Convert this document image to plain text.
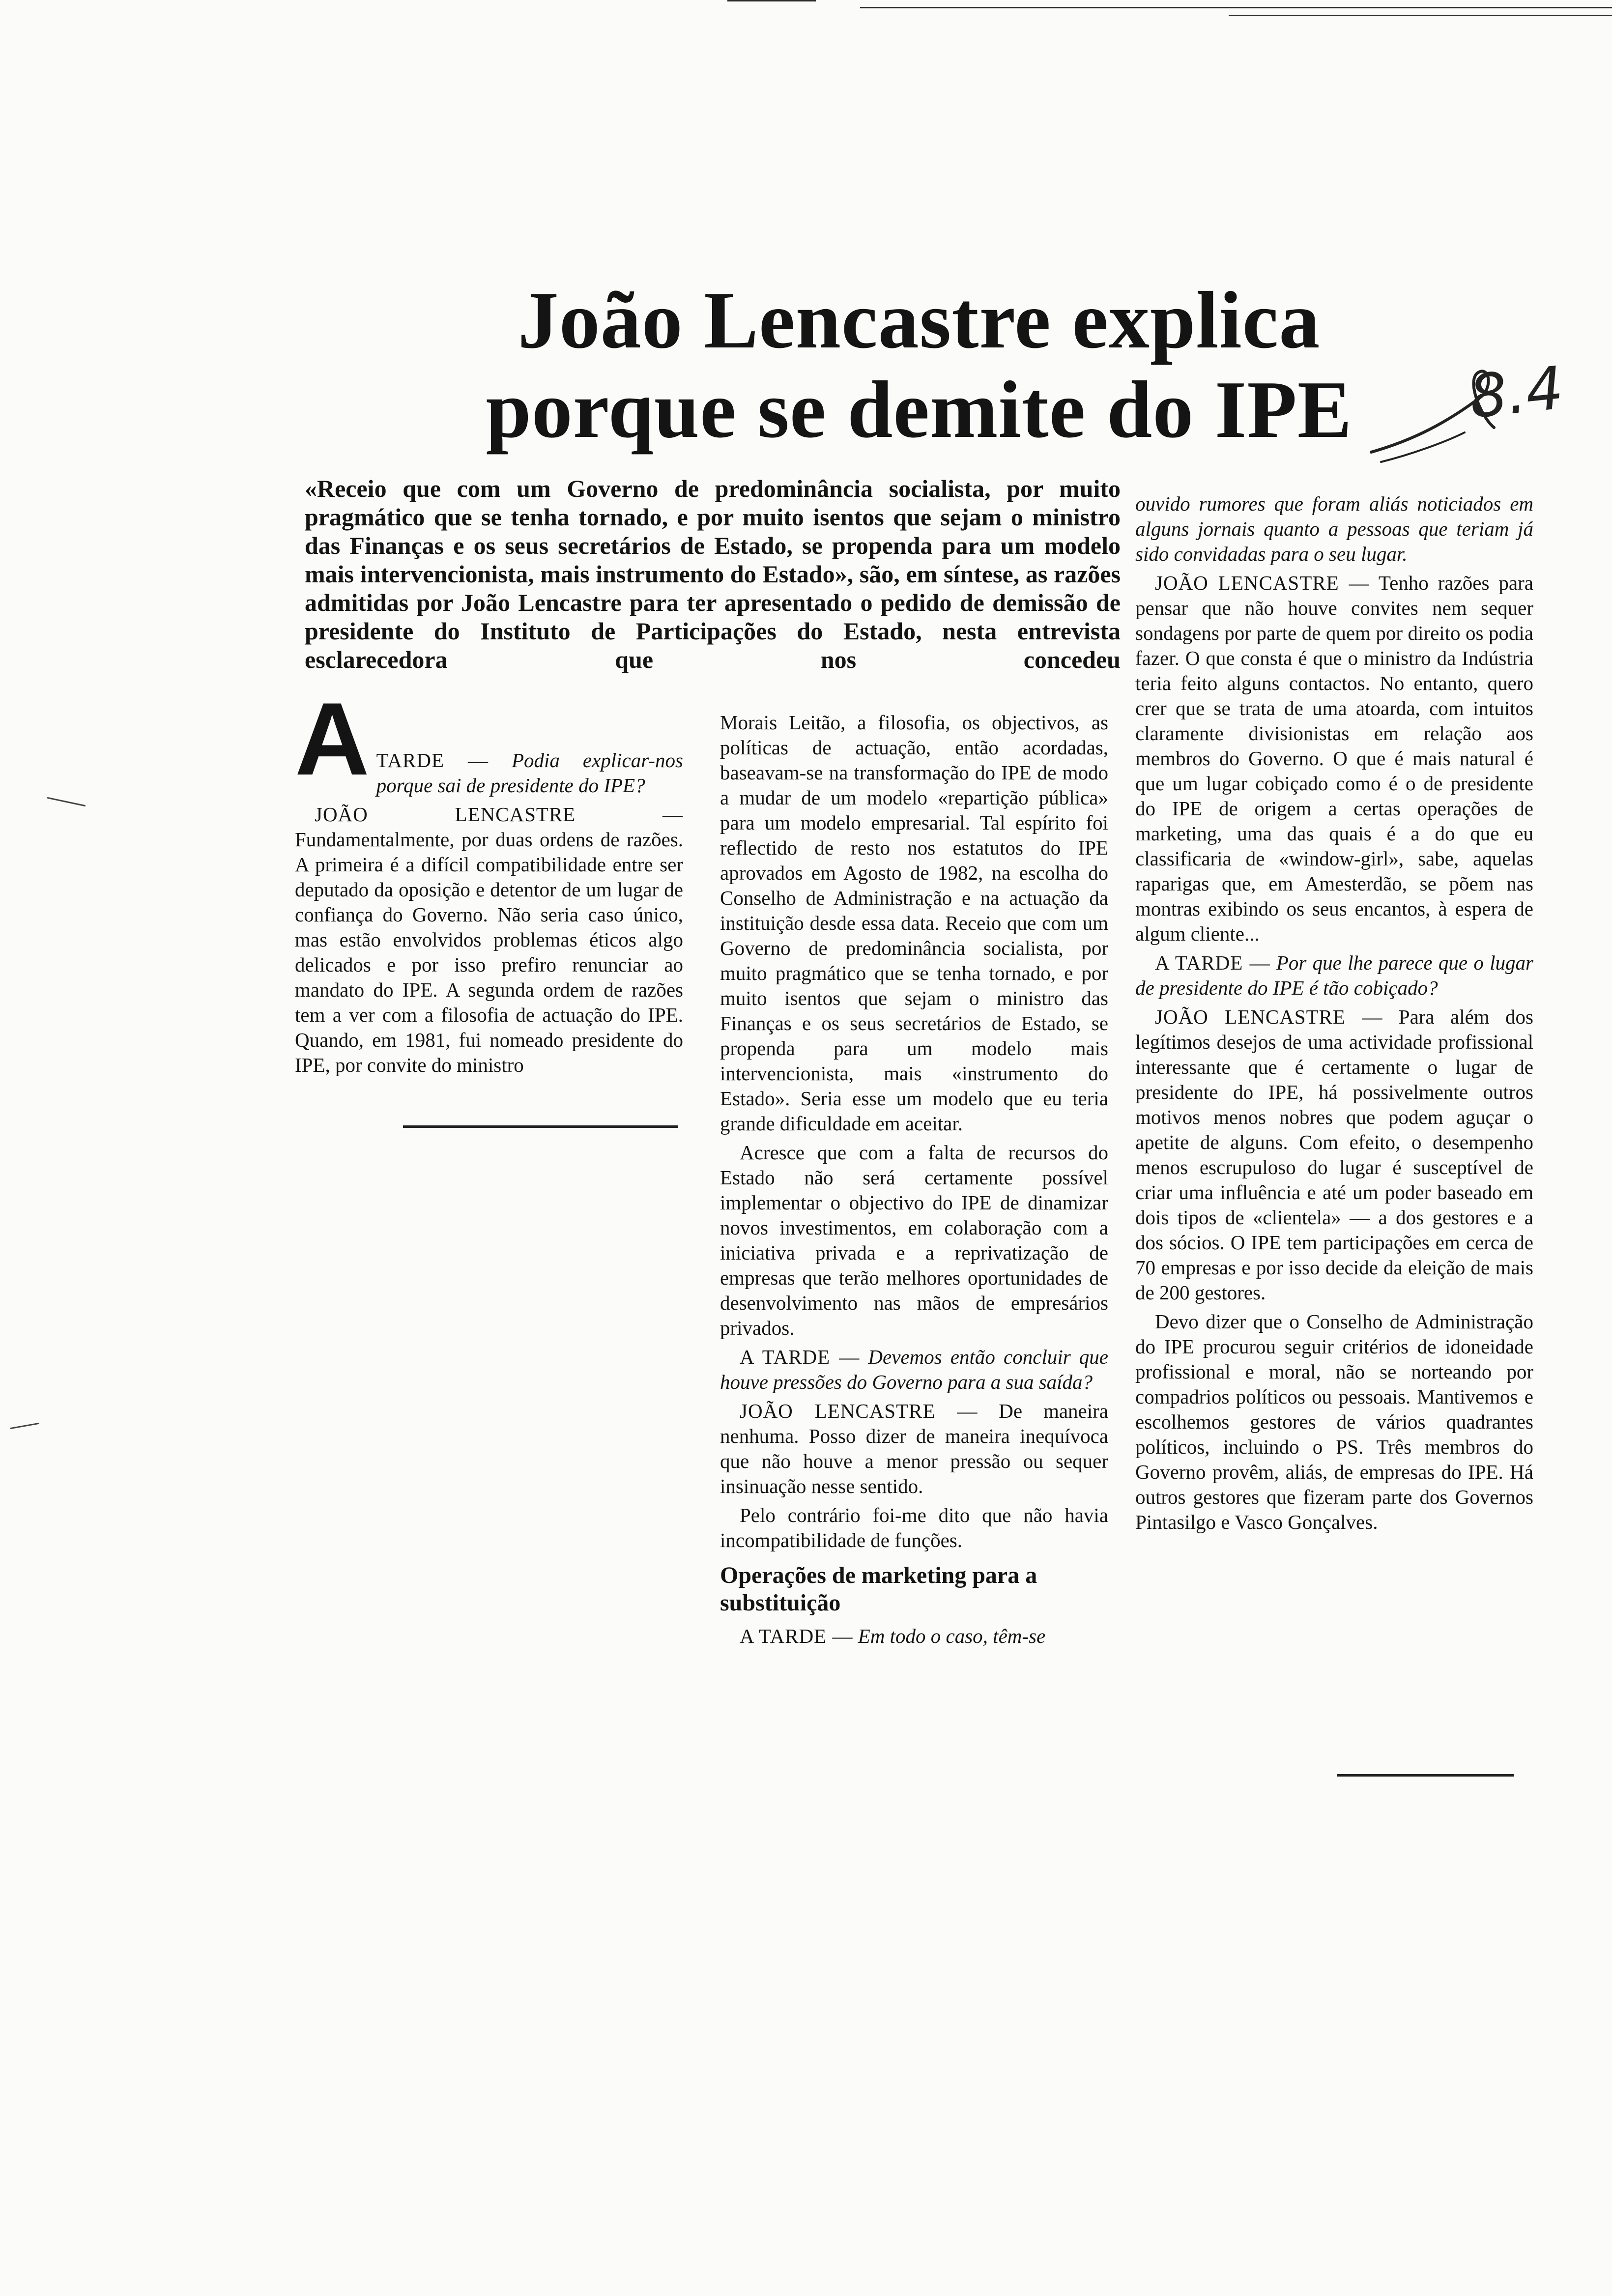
João Lencastre explica
porque se demite do IPE 8.4
«Receio que com um Governo de predominância socialista, por muito pragmático que se tenha tornado, e por muito isentos que sejam o ministro das Finanças e os seus secretários de Estado, se propenda para um modelo mais intervencionista, mais instrumento do Estado», são, em síntese, as razões admitidas por João Lencastre para ter apresentado o pedido de demissão de presidente do Instituto de Participações do Estado, nesta entrevista esclarecedora que nos concedeu

A TARDE — Podia explicar-nos porque sai de presidente do IPE?

JOÃO LENCASTRE — Fundamentalmente, por duas ordens de razões. A primeira é a difícil compatibilidade entre ser deputado da oposição e detentor de um lugar de confiança do Governo. Não seria caso único, mas estão envolvidos problemas éticos algo delicados e por isso prefiro renunciar ao mandato do IPE. A segunda ordem de razões tem a ver com a filosofia de actuação do IPE. Quando, em 1981, fui nomeado presidente do IPE, por convite do ministro

Morais Leitão, a filosofia, os objectivos, as políticas de actuação, então acordadas, baseavam-se na transformação do IPE de modo a mudar de um modelo «repartição pública» para um modelo empresarial. Tal espírito foi reflectido de resto nos estatutos do IPE aprovados em Agosto de 1982, na escolha do Conselho de Administração e na actuação da instituição desde essa data. Receio que com um Governo de predominância socialista, por muito pragmático que se tenha tornado, e por muito isentos que sejam o ministro das Finanças e os seus secretários de Estado, se propenda para um modelo mais intervencionista, mais «instrumento do Estado». Seria esse um modelo que eu teria grande dificuldade em aceitar.

Acresce que com a falta de recursos do Estado não será certamente possível implementar o objectivo do IPE de dinamizar novos investimentos, em colaboração com a iniciativa privada e a reprivatização de empresas que terão melhores oportunidades de desenvolvimento nas mãos de empresários privados.

A TARDE — Devemos então concluir que houve pressões do Governo para a sua saída?

JOÃO LENCASTRE — De maneira nenhuma. Posso dizer de maneira inequívoca que não houve a menor pressão ou sequer insinuação nesse sentido.

Pelo contrário foi-me dito que não havia incompatibilidade de funções.

Operações de marketing para a substituição

A TARDE — Em todo o caso, têm-se

ouvido rumores que foram aliás noticiados em alguns jornais quanto a pessoas que teriam já sido convidadas para o seu lugar.

JOÃO LENCASTRE — Tenho razões para pensar que não houve convites nem sequer sondagens por parte de quem por direito os podia fazer. O que consta é que o ministro da Indústria teria feito alguns contactos. No entanto, quero crer que se trata de uma atoarda, com intuitos claramente divisionistas em relação aos membros do Governo. O que é mais natural é que um lugar cobiçado como é o de presidente do IPE de origem a certas operações de marketing, uma das quais é a do que eu classificaria de «window-girl», sabe, aquelas raparigas que, em Amesterdão, se põem nas montras exibindo os seus encantos, à espera de algum cliente...

A TARDE — Por que lhe parece que o lugar de presidente do IPE é tão cobiçado?

JOÃO LENCASTRE — Para além dos legítimos desejos de uma actividade profissional interessante que é certamente o lugar de presidente do IPE, há possivelmente outros motivos menos nobres que podem aguçar o apetite de alguns. Com efeito, o desempenho menos escrupuloso do lugar é susceptível de criar uma influência e até um poder baseado em dois tipos de «clientela» — a dos gestores e a dos sócios. O IPE tem participações em cerca de 70 empresas e por isso decide da eleição de mais de 200 gestores.

Devo dizer que o Conselho de Administração do IPE procurou seguir critérios de idoneidade profissional e moral, não se norteando por compadrios políticos ou pessoais. Mantivemos e escolhemos gestores de vários quadrantes políticos, incluindo o PS. Três membros do Governo provêm, aliás, de empresas do IPE. Há outros gestores que fizeram parte dos Governos Pintasilgo e Vasco Gonçalves.
